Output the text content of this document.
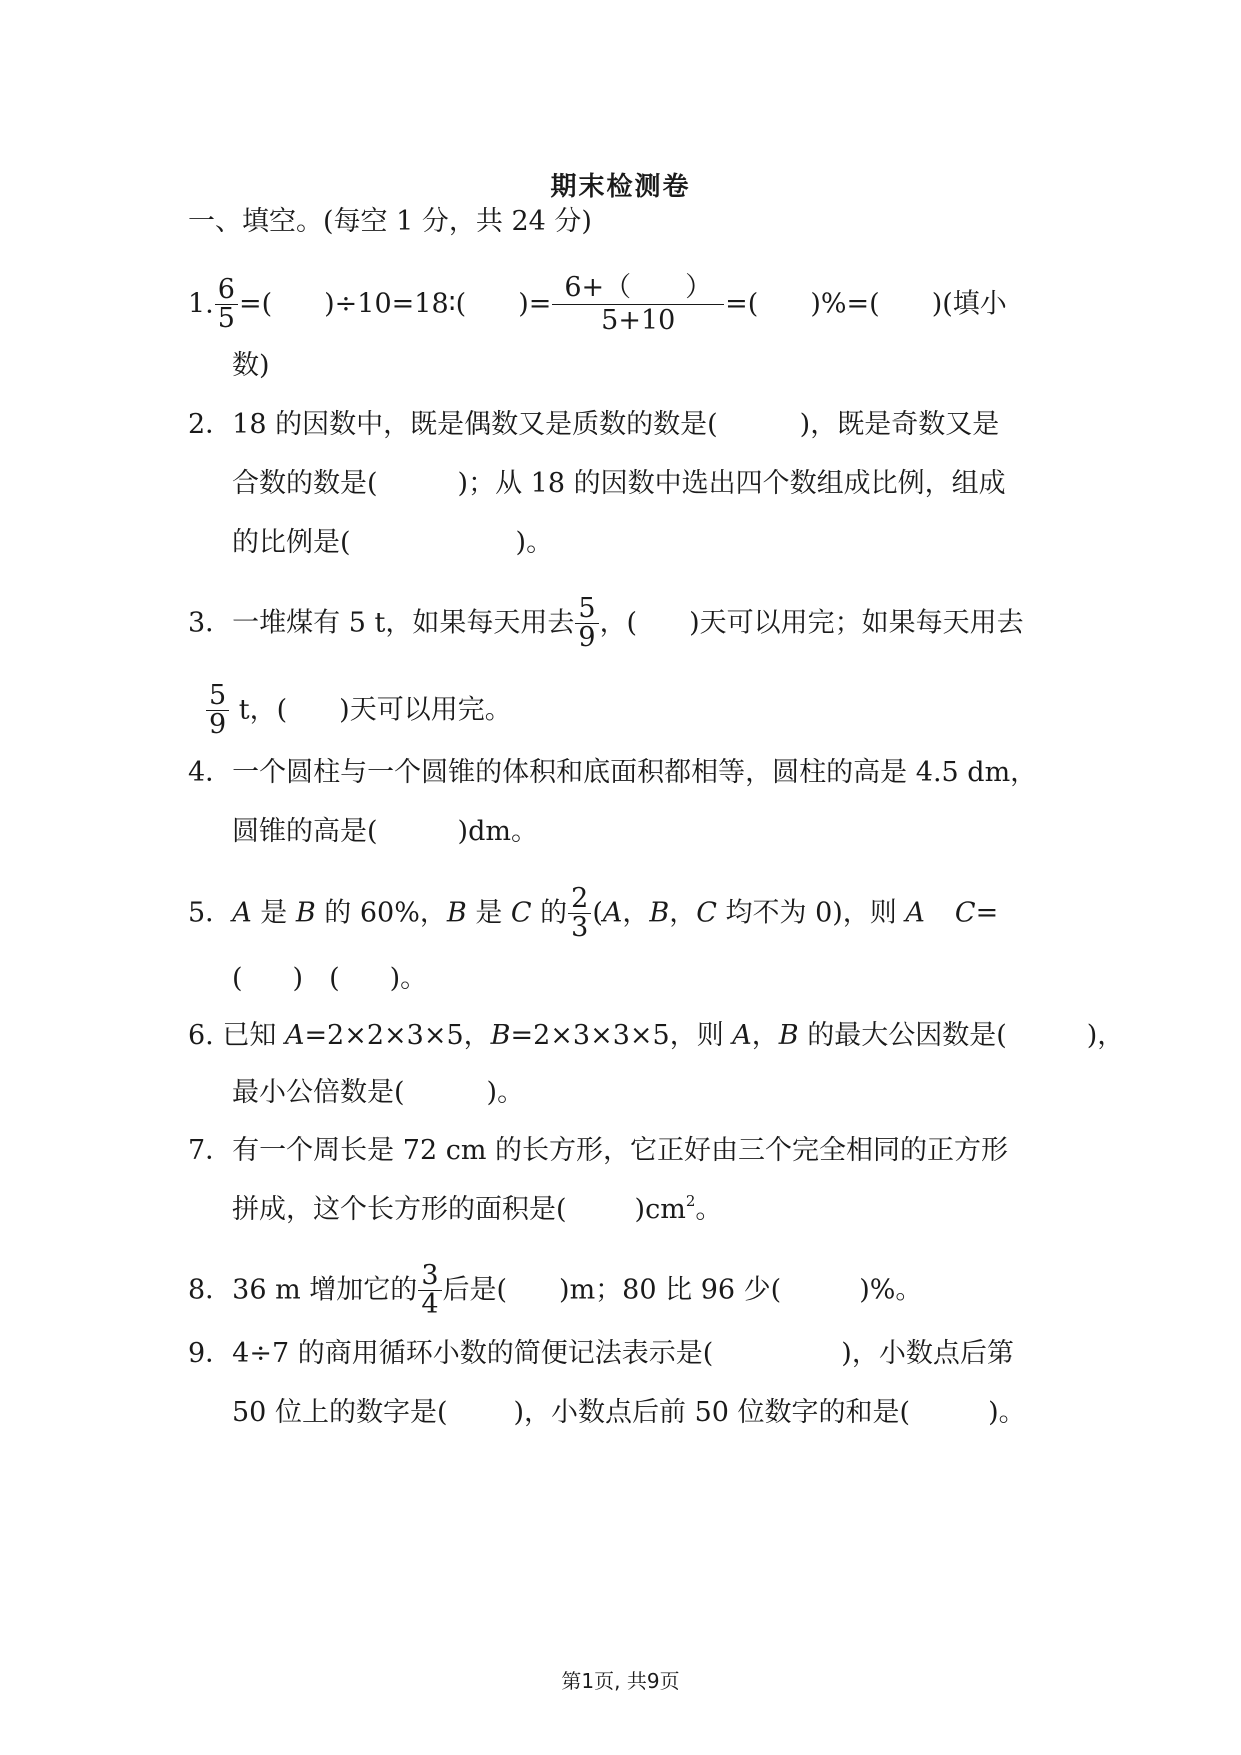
期末检测卷
一、填空。(每空 1 分，共 24 分)
1. $\frac{6}{5}$ =( )÷10=18∶( )= $\frac{6+( )}{5+10}$ =( )%=( )(填小
数)
2．18 的因数中，既是偶数又是质数的数是(	)，既是奇数又是
合数的数是(	)；从 18 的因数中选出四个数组成比例，组成
的比例是(	)。
3．一堆煤有 5 t，如果每天用去 $\frac{5}{9}$ ，( )天可以用完；如果每天用去
$\frac{5}{9}$ t，( )天可以用完。
4．一个圆柱与一个圆锥的体积和底面积都相等，圆柱的高是 4.5 dm，
圆锥的高是(	)dm。
5．A 是 B 的 60%，B 是 C 的 $\frac{2}{3} (A$，B，C 均不为 0)，则 A C=
( ) ( )。
6. 已知 A=2×2×3×5，B=2×3×3×5，则 A，B 的最大公因数是(	)，
最小公倍数是(	)。
7．有一个周长是 72 cm 的长方形，它正好由三个完全相同的正方形
拼成，这个长方形的面积是(	)$cm^2$。
8．36 m 增加它的 $\frac{3}{4}$ 后是( )m；80 比 96 少(	)%。
9．4÷7 的商用循环小数的简便记法表示是(	)，小数点后第
50 位上的数字是( )，小数点后前 50 位数字的和是(	)。
第1页, 共9页
